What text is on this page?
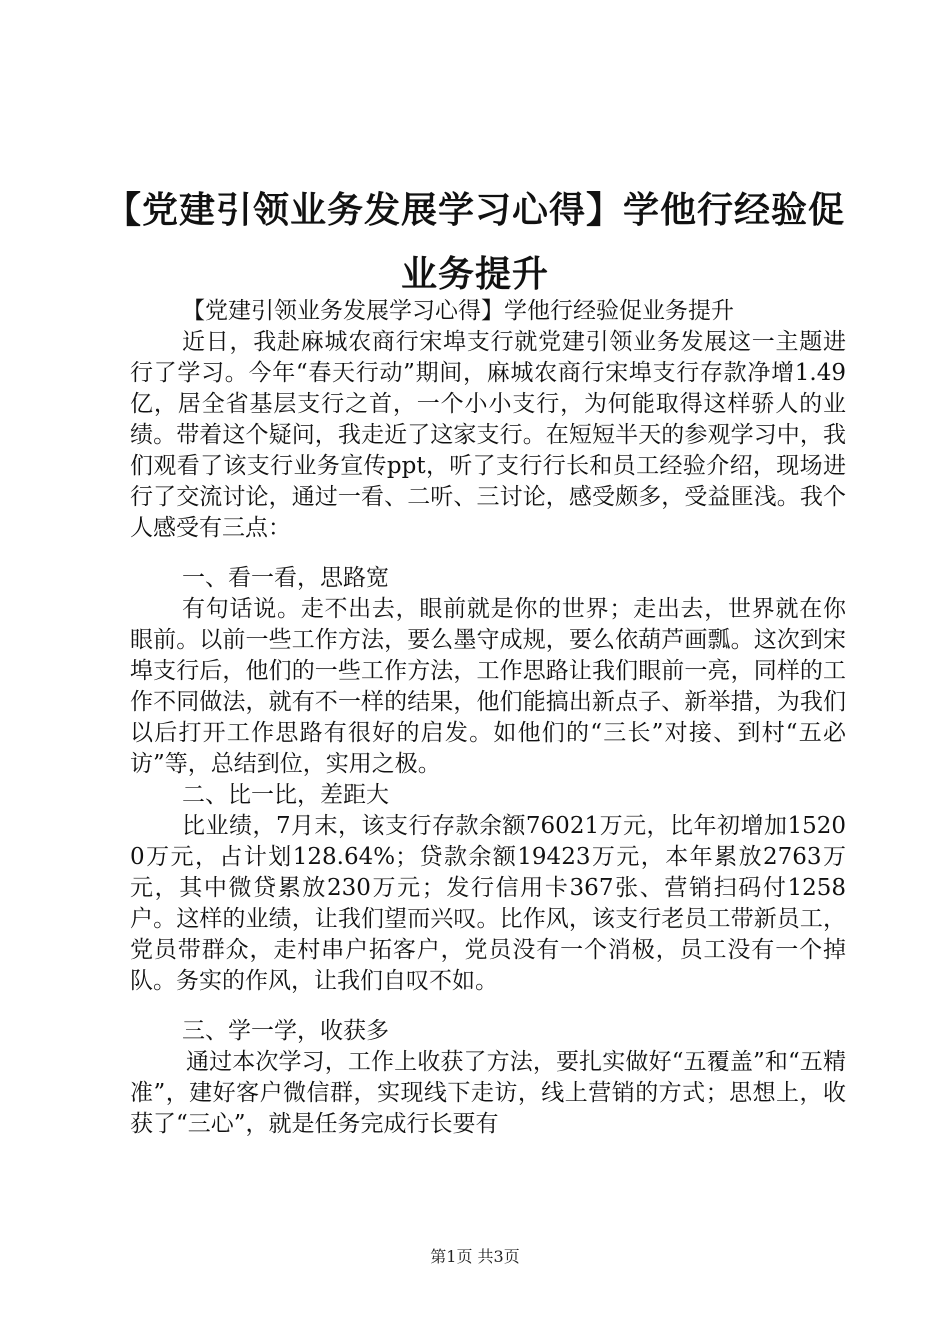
【党建引领业务发展学习心得】学他行经验促业务提升

【党建引领业务发展学习心得】学他行经验促业务提升

近日，我赴麻城农商行宋埠支行就党建引领业务发展这一主题进行了学习。今年“春天行动”期间，麻城农商行宋埠支行存款净增1.49亿，居全省基层支行之首，一个小小支行，为何能取得这样骄人的业绩。带着这个疑问，我走近了这家支行。在短短半天的参观学习中，我们观看了该支行业务宣传ppt，听了支行行长和员工经验介绍，现场进行了交流讨论，通过一看、二听、三讨论，感受颇多，受益匪浅。我个人感受有三点：

一、看一看，思路宽

有句话说。走不出去，眼前就是你的世界；走出去，世界就在你眼前。以前一些工作方法，要么墨守成规，要么依葫芦画瓢。这次到宋埠支行后，他们的一些工作方法，工作思路让我们眼前一亮，同样的工作不同做法，就有不一样的结果，他们能搞出新点子、新举措，为我们以后打开工作思路有很好的启发。如他们的“三长”对接、到村“五必访”等，总结到位，实用之极。

二、比一比，差距大

比业绩，7月末，该支行存款余额76021万元，比年初增加15200万元，占计划128.64%；贷款余额19423万元，本年累放2763万元，其中微贷累放230万元；发行信用卡367张、营销扫码付1258户。这样的业绩，让我们望而兴叹。比作风，该支行老员工带新员工，党员带群众，走村串户拓客户，党员没有一个消极，员工没有一个掉队。务实的作风，让我们自叹不如。

三、学一学，收获多

通过本次学习，工作上收获了方法，要扎实做好“五覆盖”和“五精准”，建好客户微信群，实现线下走访，线上营销的方式；思想上，收获了“三心”，就是任务完成行长要有

第1页 共3页
